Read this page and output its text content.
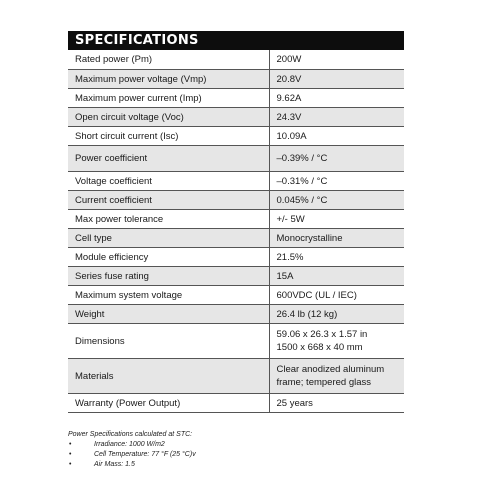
SPECIFICATIONS
Rated power (Pm)	200W
Maximum power voltage (Vmp)	20.8V
Maximum power current (Imp)	9.62A
Open circuit voltage (Voc)	24.3V
Short circuit current (Isc)	10.09A
Power coefficient	–0.39% / °C
Voltage coefficient	–0.31% / °C
Current coefficient	0.045% / °C
Max power tolerance	+/- 5W
Cell type	Monocrystalline
Module efficiency	21.5%
Series fuse rating	15A
Maximum system voltage	600VDC (UL / IEC)
Weight	26.4 lb (12 kg)
Dimensions	59.06 x 26.3 x 1.57 in
1500 x 668 x 40 mm

Materials	Clear anodized aluminum
frame; tempered glass

Warranty (Power Output)	25 years
Power Specifications calculated at STC:
•	Irradiance: 1000 W/m2
•	Cell Temperature: 77 °F (25 °C)v
•	Air Mass: 1.5
